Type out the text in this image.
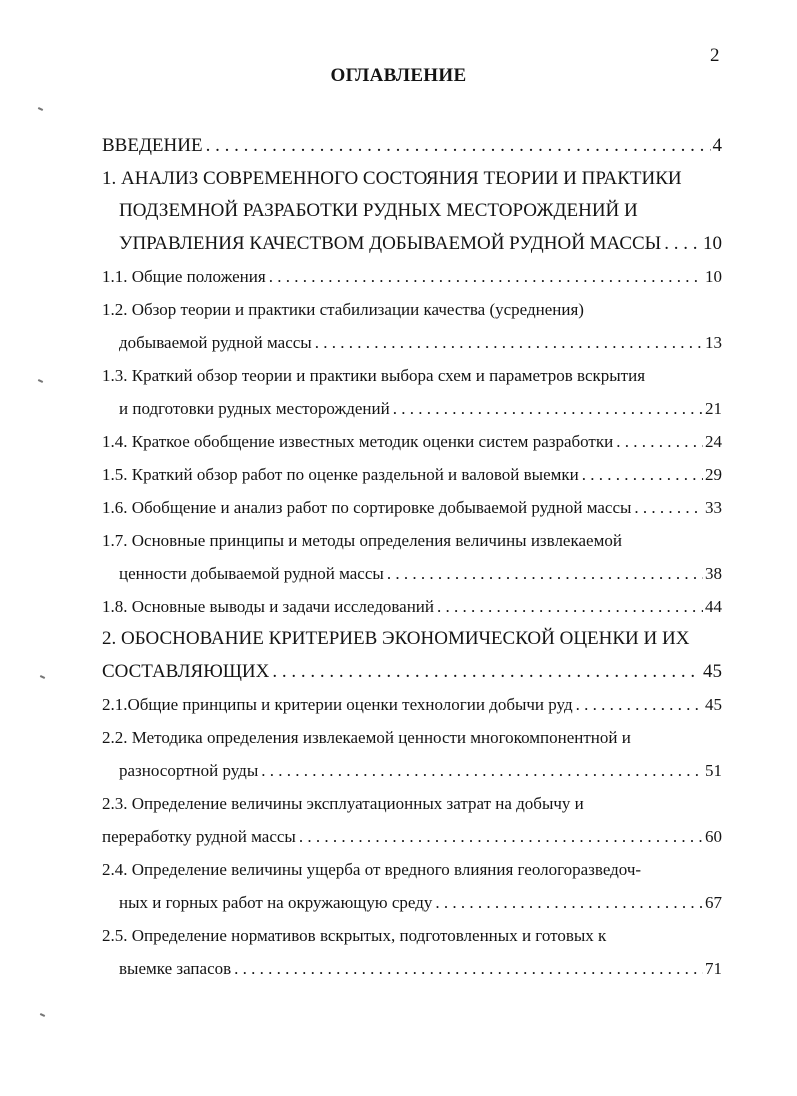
2
ОГЛАВЛЕНИЕ
ВВЕДЕНИЕ . . .	4
1. АНАЛИЗ СОВРЕМЕННОГО СОСТОЯНИЯ ТЕОРИИ И ПРАКТИКИ
ПОДЗЕМНОЙ РАЗРАБОТКИ РУДНЫХ МЕСТОРОЖДЕНИЙ И
УПРАВЛЕНИЯ КАЧЕСТВОМ ДОБЫВАЕМОЙ РУДНОЙ МАССЫ . . . 10
1.1. Общие положения . . .	10
1.2. Обзор теории и практики стабилизации качества (усреднения)
добываемой рудной массы . . .	13
1.3. Краткий обзор теории и практики выбора схем и параметров вскрытия
и подготовки рудных месторождений . . .	21
1.4. Краткое обобщение известных методик оценки систем разработки . . .	24
1.5. Краткий обзор работ по оценке раздельной и валовой выемки . . .	29
1.6. Обобщение и анализ работ по сортировке добываемой рудной массы . . .	33
1.7. Основные принципы и методы определения величины извлекаемой
ценности добываемой рудной массы . . .	38
1.8. Основные выводы и задачи исследований . . .	44
2. ОБОСНОВАНИЕ КРИТЕРИЕВ ЭКОНОМИЧЕСКОЙ ОЦЕНКИ И ИХ
СОСТАВЛЯЮЩИХ . . .	45
2.1.Общие принципы и критерии оценки технологии добычи руд . . .	45
2.2. Методика определения извлекаемой ценности многокомпонентной и
разносортной руды . . .	51
2.3. Определение величины эксплуатационных затрат на добычу и
переработку рудной массы . . .	60
2.4. Определение величины ущерба от вредного влияния геологоразведоч-
ных и горных работ на окружающую среду . . .	67
2.5. Определение нормативов вскрытых, подготовленных и готовых к
выемке запасов . . .	71
